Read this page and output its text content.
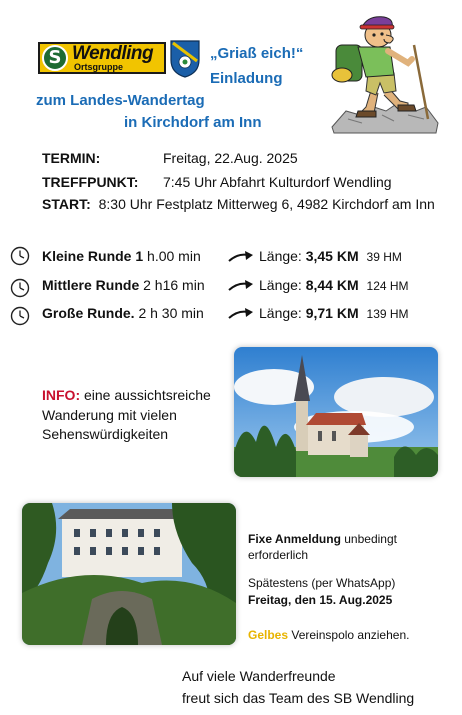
S Wendling
Ortsgruppe
„Griaß eich!“
Einladung
zum Landes-Wandertag
in Kirchdorf am Inn
TERMIN:	Freitag, 22.Aug. 2025
TREFFPUNKT: 7:45 Uhr Abfahrt Kulturdorf Wendling
START: 8:30 Uhr Festplatz Mitterweg 6, 4982 Kirchdorf am Inn
Kleine Runde 1 h.00 min	Länge: 3,45 KM 39 HM
Mittlere Runde 2 h16 min	Länge: 8,44 KM 124 HM
Große Runde. 2 h 30 min	Länge: 9,71 KM 139 HM
INFO: eine aussichtsreiche Wanderung mit vielen Sehenswürdigkeiten
Fixe Anmeldung unbedingt
erforderlich
Spätestens (per WhatsApp)
Freitag, den 15. Aug.2025
Gelbes Vereinspolo anziehen.
Auf viele Wanderfreunde
freut sich das Team des SB Wendling
